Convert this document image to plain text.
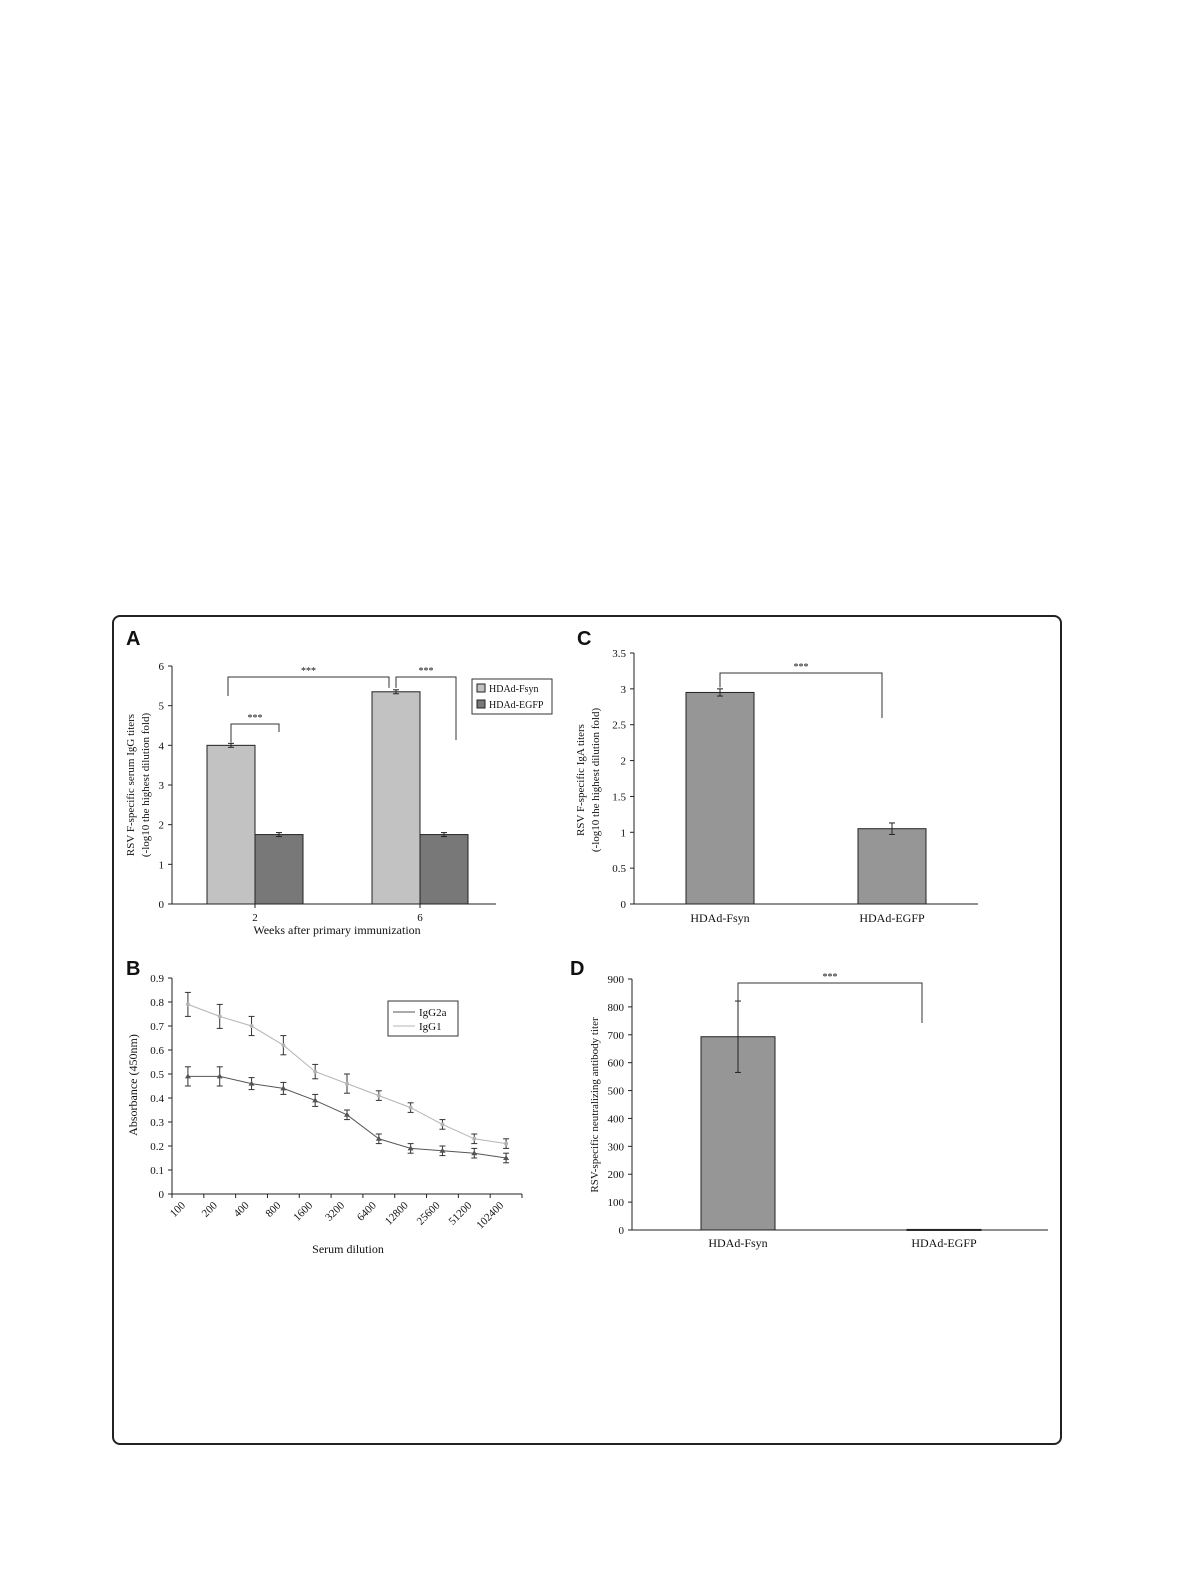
A	C
B	D
0
1
2
3
4
5
6
2	6
Weeks after primary immunization
RSV F-specific serum IgG titers (-log10 the highest dilution fold)	***
***	***
HDAd-Fsyn
HDAd-EGFP
0
0.1
0.2
0.3
0.4
0.5
0.6
0.7
0.8
0.9
100 200 400 800 1600 3200 6400 12800 25600 51200 102400
Serum dilution
Absorbance (450nm)
IgG2a
IgG1
0
0.5
1
1.5
2
2.5
3
3.5
HDAd-Fsyn	HDAd-EGFP
RSV F-specific IgA titers (-log10 the highest dilution fold)
***
0
100
200
300
400
500
600
700
800
900
HDAd-Fsyn	HDAd-EGFP
RSV-specific neutralizing antibody titer
***
